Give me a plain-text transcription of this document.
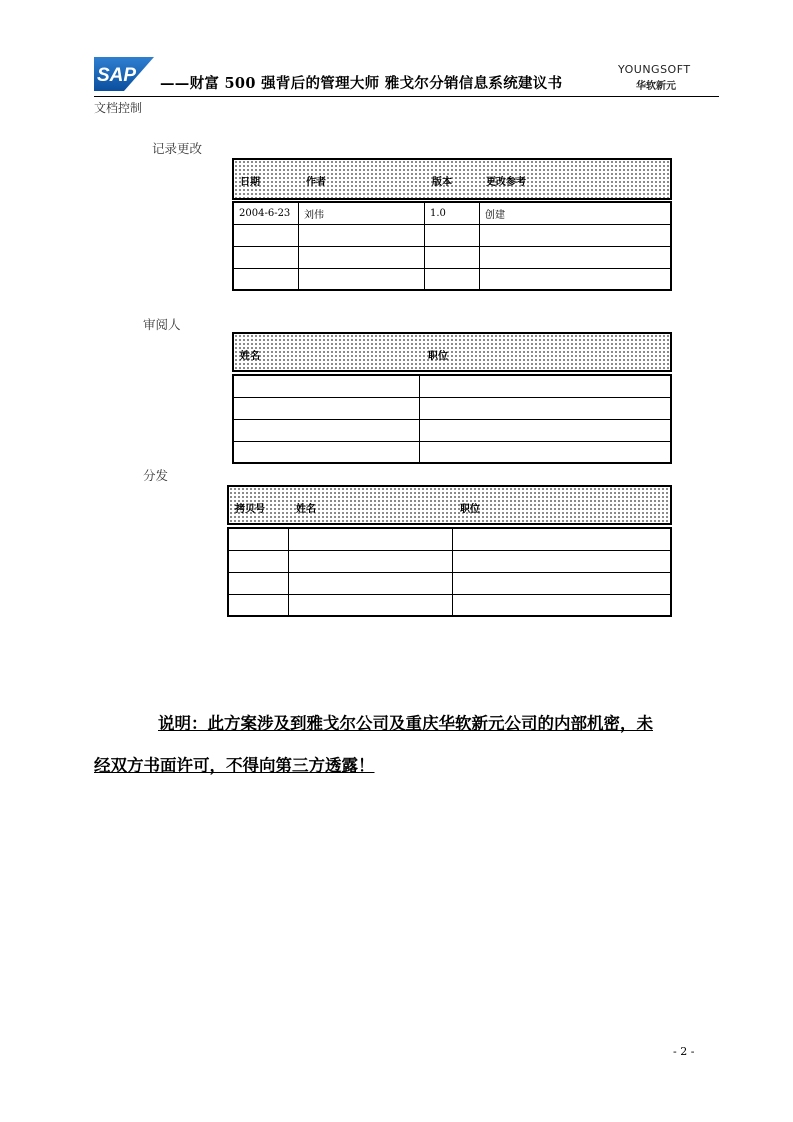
SAP ——财富 500 强背后的管理大师 雅戈尔分销信息系统建议书
YOUNGSOFT
华软新元
文档控制
记录更改
日期	作者	版本	更改参考
2004-6-23	刘伟	1.0	创建

审阅人
姓名	职位

分发
拷贝号	姓名	职位

说明：此方案涉及到雅戈尔公司及重庆华软新元公司的内部机密，未
经双方书面许可，不得向第三方透露！
- 2 -
